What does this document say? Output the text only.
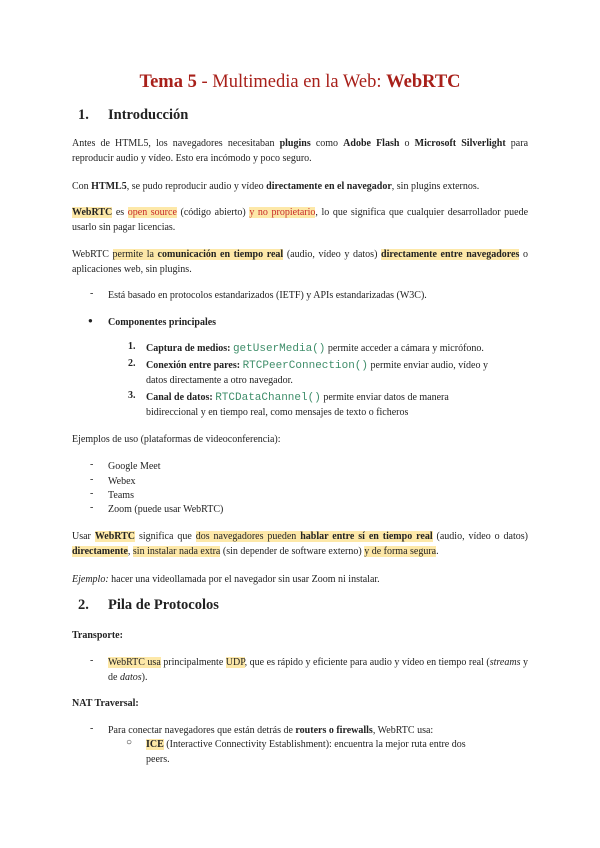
Tema 5 - Multimedia en la Web: WebRTC
1. Introducción
Antes de HTML5, los navegadores necesitaban plugins como Adobe Flash o Microsoft Silverlight para reproducir audio y vídeo. Esto era incómodo y poco seguro.
Con HTML5, se pudo reproducir audio y vídeo directamente en el navegador, sin plugins externos.
WebRTC es open source (código abierto) y no propietario, lo que significa que cualquier desarrollador puede usarlo sin pagar licencias.
WebRTC permite la comunicación en tiempo real (audio, vídeo y datos) directamente entre navegadores o aplicaciones web, sin plugins.
- Está basado en protocolos estandarizados (IETF) y APIs estandarizadas (W3C).
● Componentes principales
1. Captura de medios: getUserMedia() permite acceder a cámara y micrófono.
2. Conexión entre pares: RTCPeerConnection() permite enviar audio, vídeo y
datos directamente a otro navegador.
3. Canal de datos: RTCDataChannel() permite enviar datos de manera
bidireccional y en tiempo real, como mensajes de texto o ficheros
Ejemplos de uso (plataformas de videoconferencia):
- Google Meet
- Webex
- Teams
- Zoom (puede usar WebRTC)
Usar WebRTC significa que dos navegadores pueden hablar entre sí en tiempo real (audio, vídeo o datos) directamente, sin instalar nada extra (sin depender de software externo) y de forma segura.
Ejemplo: hacer una videollamada por el navegador sin usar Zoom ni instalar.
2. Pila de Protocolos
Transporte:
- WebRTC usa principalmente UDP, que es rápido y eficiente para audio y vídeo en tiempo real (streams y de datos).
NAT Traversal:
- Para conectar navegadores que están detrás de routers o firewalls, WebRTC usa:
○ ICE (Interactive Connectivity Establishment): encuentra la mejor ruta entre dos
peers.
